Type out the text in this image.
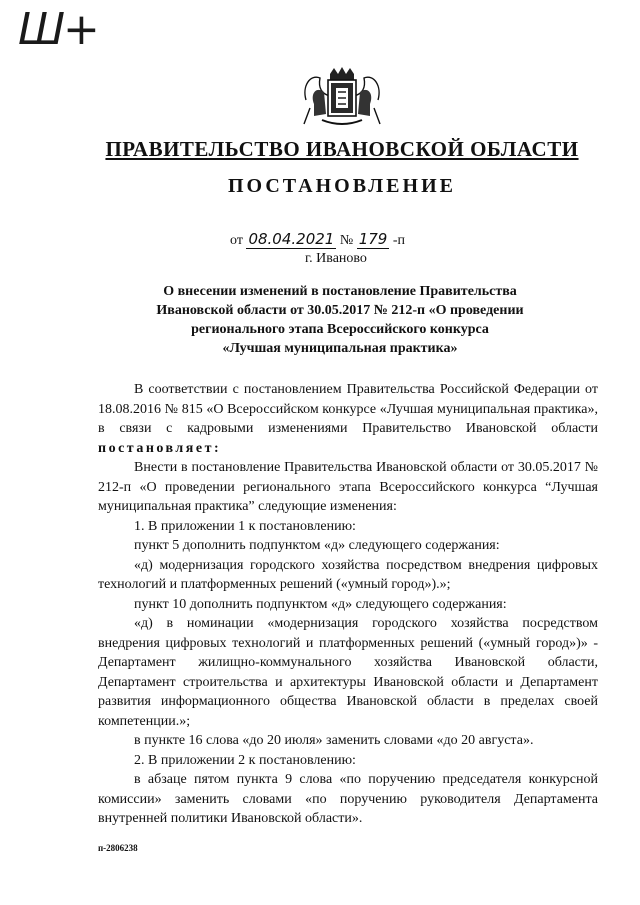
Ш+
ПРАВИТЕЛЬСТВО ИВАНОВСКОЙ ОБЛАСТИ
ПОСТАНОВЛЕНИЕ
от 08.04.2021 № 179 -п
г. Иваново
О внесении изменений в постановление Правительства
Ивановской области от 30.05.2017 № 212-п «О проведении
регионального этапа Всероссийского конкурса
«Лучшая муниципальная практика»

В соответствии с постановлением Правительства Российской Федерации от 18.08.2016 № 815 «О Всероссийском конкурсе «Лучшая муниципальная практика», в связи с кадровыми изменениями Правительство Ивановской области постановляет:

Внести в постановление Правительства Ивановской области от 30.05.2017 № 212-п «О проведении регионального этапа Всероссийского конкурса “Лучшая муниципальная практика” следующие изменения:

1. В приложении 1 к постановлению:

пункт 5 дополнить подпунктом «д» следующего содержания:

«д) модернизация городского хозяйства посредством внедрения цифровых технологий и платформенных решений («умный город»).»;

пункт 10 дополнить подпунктом «д» следующего содержания:

«д) в номинации «модернизация городского хозяйства посредством внедрения цифровых технологий и платформенных решений («умный город»)» - Департамент жилищно-коммунального хозяйства Ивановской области, Департамент строительства и архитектуры Ивановской области и Департамент развития информационного общества Ивановской области в пределах своей компетенции.»;

в пункте 16 слова «до 20 июля» заменить словами «до 20 августа».

2. В приложении 2 к постановлению:

в абзаце пятом пункта 9 слова «по поручению председателя конкурсной комиссии» заменить словами «по поручению руководителя Департамента внутренней политики Ивановской области».

п-2806238
